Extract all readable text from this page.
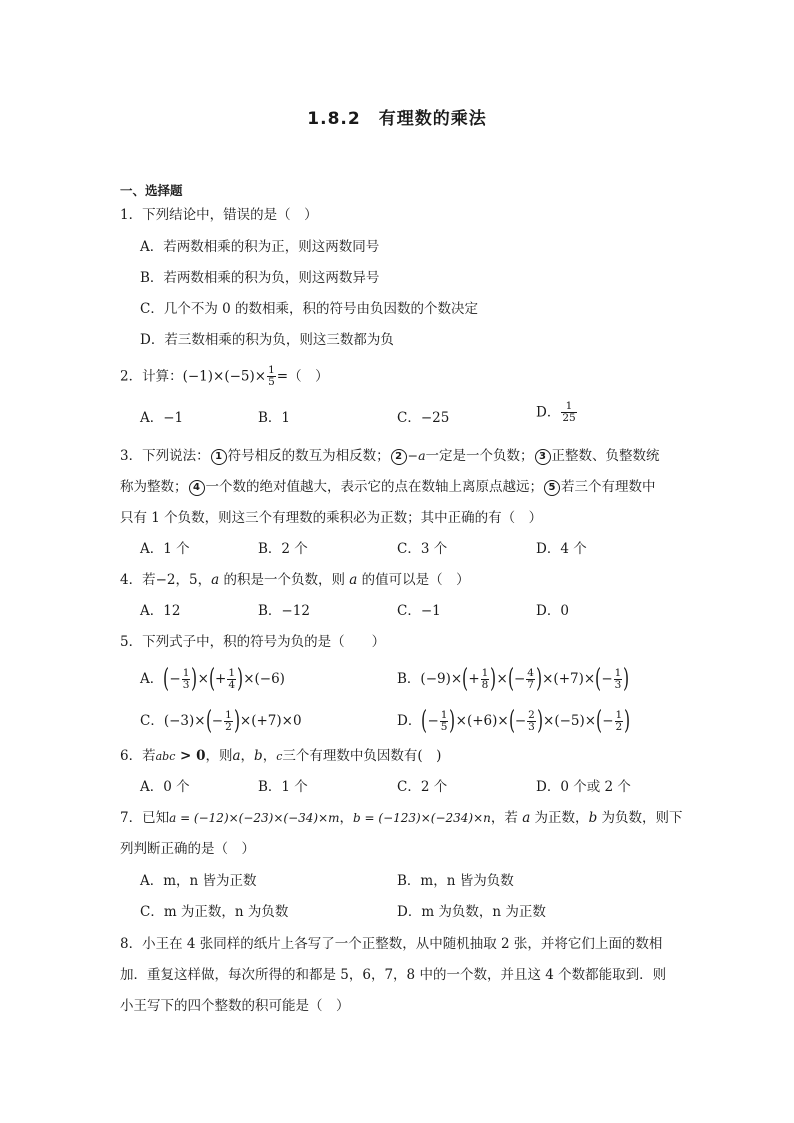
1.8.2 有理数的乘法
一、选择题
1．下列结论中，错误的是（　）
A．若两数相乘的积为正，则这两数同号
B．若两数相乘的积为负，则这两数异号
C．几个不为 0 的数相乘，积的符号由负因数的个数决定
D．若三数相乘的积为负，则这三数都为负
2．计算：$(-1)\times(-5)\times \frac{1}{5}$ =（　）
A．−1	B．1	C．−25	D． $\frac{1}{25}$
3．下列说法： 1 符号相反的数互为相反数； 2 −a一定是一个负数； 3 正整数、负整数统
称为整数； 4 一个数的绝对值越大，表示它的点在数轴上离原点越远； 5 若三个有理数中
只有 1 个负数，则这三个有理数的乘积必为正数；其中正确的有（　）
A．1 个	B．2 个	C．3 个	D．4 个
4．若−2，5，a 的积是一个负数，则 a 的值可以是（　）
A．12	B．−12	C．−1	D．0
5．下列式子中，积的符号为负的是（　　）
A．(− $\frac{1}{3}$ )×(+ $\frac{1}{4} )\times(-6)$	B．$(-9)\times(+ \frac{1}{8}$ )×(− $\frac{4}{7} )\times(+7)\times(- \frac{1}{3}$ )
C．$(-3)\times(- \frac{1}{2} )\times(+7)\times 0$	D．(− $\frac{1}{5} )\times(+6)\times(- \frac{2}{3} )\times(-5)\times(- \frac{1}{2}$ )
6．若abc > 0，则a，b，c三个有理数中负因数有(　)
A．0 个	B．1 个	C．2 个	D．0 个或 2 个
7．已知a = (−12)×(−23)×(−34)×m，b = (−123)×(−234)×n，若 a 为正数，b 为负数，则下
列判断正确的是（　）
A．m，n 皆为正数	B．m，n 皆为负数
C．m 为正数，n 为负数	D．m 为负数，n 为正数
8．小王在 4 张同样的纸片上各写了一个正整数，从中随机抽取 2 张，并将它们上面的数相
加．重复这样做，每次所得的和都是 5，6，7，8 中的一个数，并且这 4 个数都能取到．则
小王写下的四个整数的积可能是（　）
